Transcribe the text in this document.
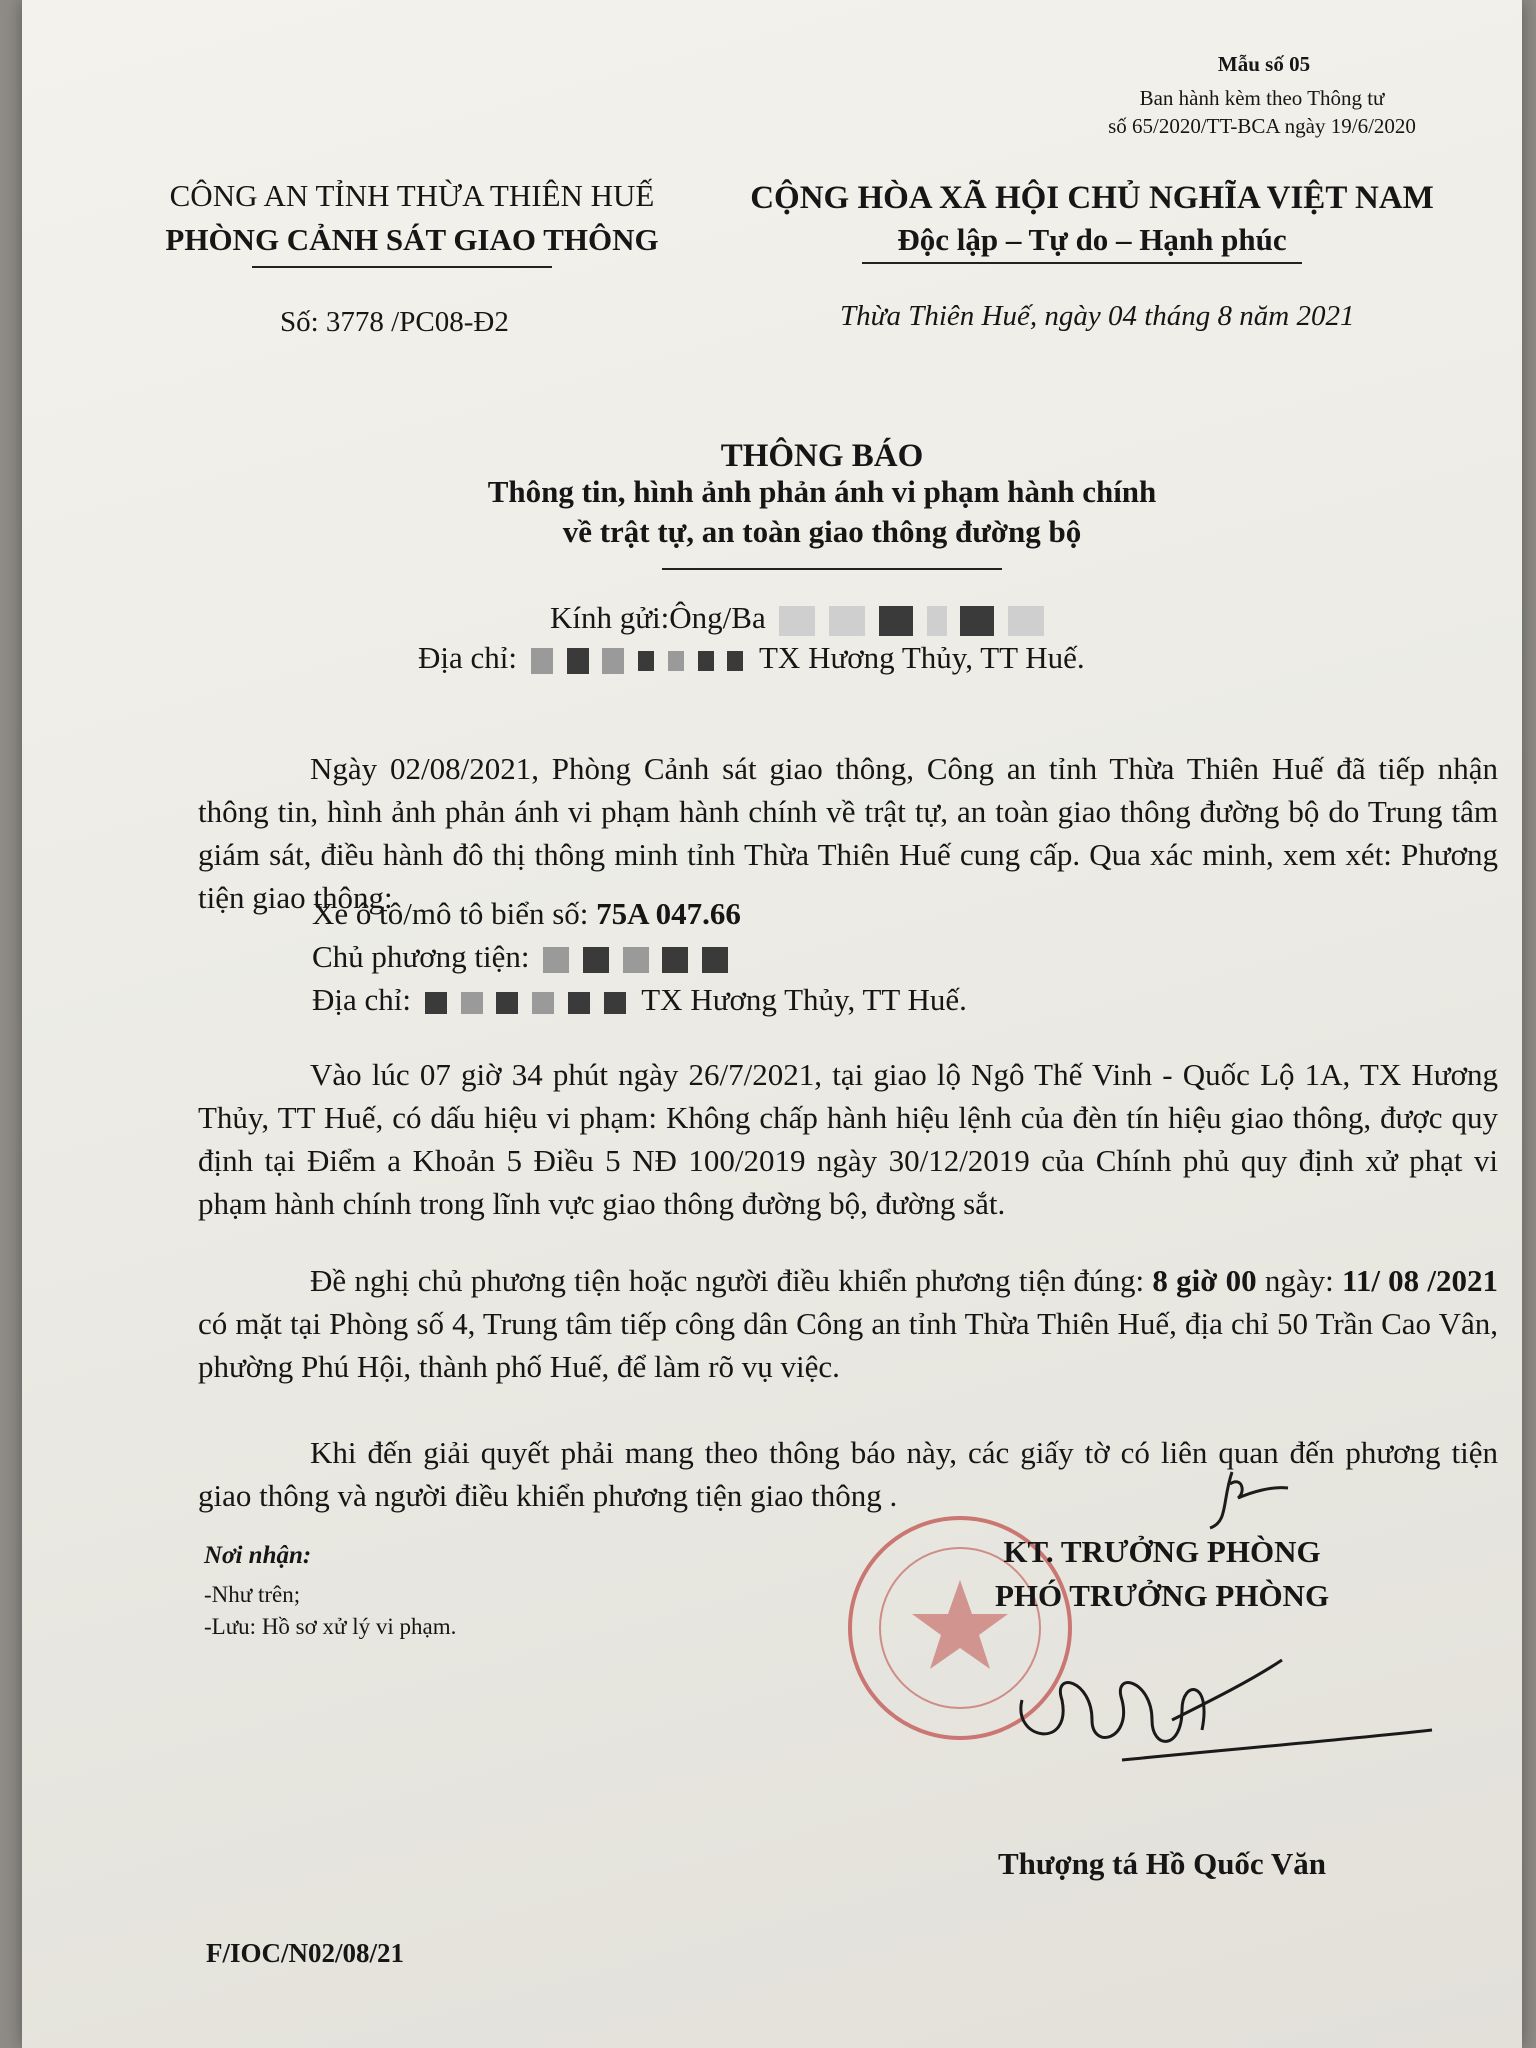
Mẫu số 05
Ban hành kèm theo Thông tư
số 65/2020/TT-BCA ngày 19/6/2020
CÔNG AN TỈNH THỪA THIÊN HUẾ
PHÒNG CẢNH SÁT GIAO THÔNG
CỘNG HÒA XÃ HỘI CHỦ NGHĨA VIỆT NAM
Độc lập – Tự do – Hạnh phúc
Số: 3778 /PC08-Đ2	Thừa Thiên Huế, ngày 04 tháng 8 năm 2021
THÔNG BÁO
Thông tin, hình ảnh phản ánh vi phạm hành chính
về trật tự, an toàn giao thông đường bộ
Kính gửi:Ông/Ba
Địa chỉ:	TX Hương Thủy, TT Huế.

Ngày 02/08/2021, Phòng Cảnh sát giao thông, Công an tỉnh Thừa Thiên Huế đã tiếp nhận thông tin, hình ảnh phản ánh vi phạm hành chính về trật tự, an toàn giao thông đường bộ do Trung tâm giám sát, điều hành đô thị thông minh tỉnh Thừa Thiên Huế cung cấp. Qua xác minh, xem xét: Phương tiện giao thông:

Xe ô tô/mô tô biển số: 75A 047.66
Chủ phương tiện:
Địa chỉ:	TX Hương Thủy, TT Huế.

Vào lúc 07 giờ 34 phút ngày 26/7/2021, tại giao lộ Ngô Thế Vinh - Quốc Lộ 1A, TX Hương Thủy, TT Huế, có dấu hiệu vi phạm: Không chấp hành hiệu lệnh của đèn tín hiệu giao thông, được quy định tại Điểm a Khoản 5 Điều 5 NĐ 100/2019 ngày 30/12/2019 của Chính phủ quy định xử phạt vi phạm hành chính trong lĩnh vực giao thông đường bộ, đường sắt.

Đề nghị chủ phương tiện hoặc người điều khiển phương tiện đúng: 8 giờ 00 ngày: 11/ 08 /2021 có mặt tại Phòng số 4, Trung tâm tiếp công dân Công an tỉnh Thừa Thiên Huế, địa chỉ 50 Trần Cao Vân, phường Phú Hội, thành phố Huế, để làm rõ vụ việc.

Khi đến giải quyết phải mang theo thông báo này, các giấy tờ có liên quan đến phương tiện giao thông và người điều khiển phương tiện giao thông .

Nơi nhận:
-Như trên;
-Lưu: Hồ sơ xử lý vi phạm.
KT. TRƯỞNG PHÒNG
PHÓ TRƯỞNG PHÒNG
Thượng tá Hồ Quốc Văn
F/IOC/N02/08/21
